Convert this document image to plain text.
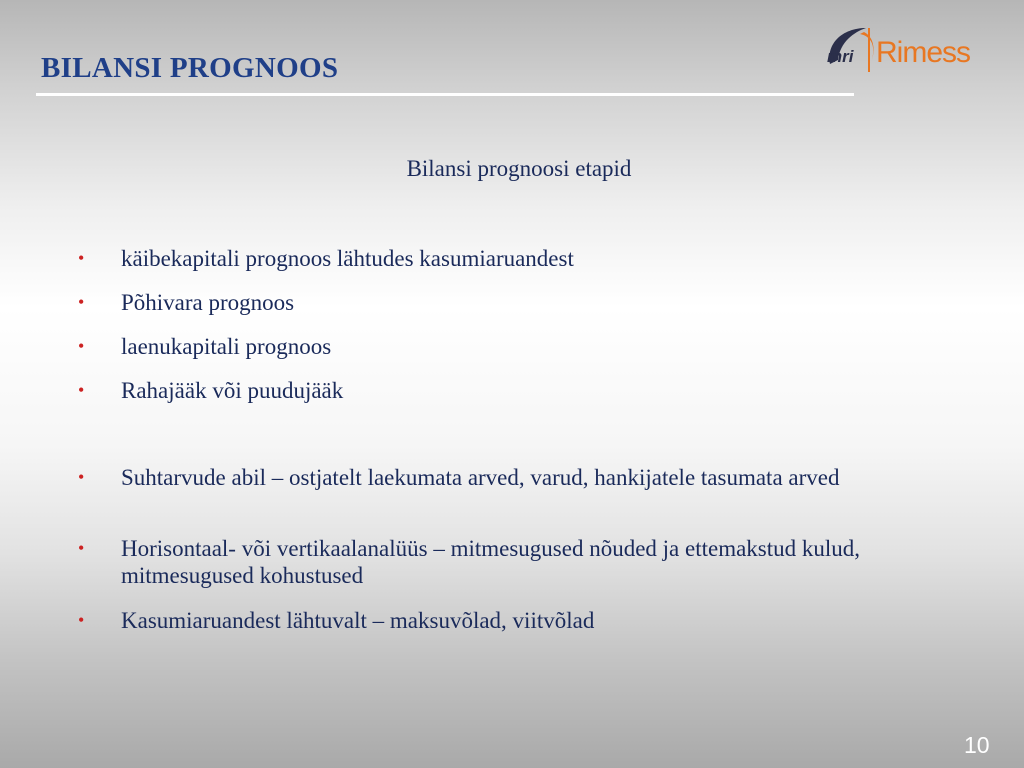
BILANSI PROGNOOS	mri Rimess
Bilansi prognoosi etapid
•	käibekapitali prognoos lähtudes kasumiaruandest
•	Põhivara prognoos
•	laenukapitali prognoos
•	Rahajääk või puudujääk
•	Suhtarvude abil – ostjatelt laekumata arved, varud, hankijatele tasumata arved
•	Horisontaal- või vertikaalanalüüs – mitmesugused nõuded ja ettemakstud kulud, mitmesugused kohustused
•	Kasumiaruandest lähtuvalt – maksuvõlad, viitvõlad
10
